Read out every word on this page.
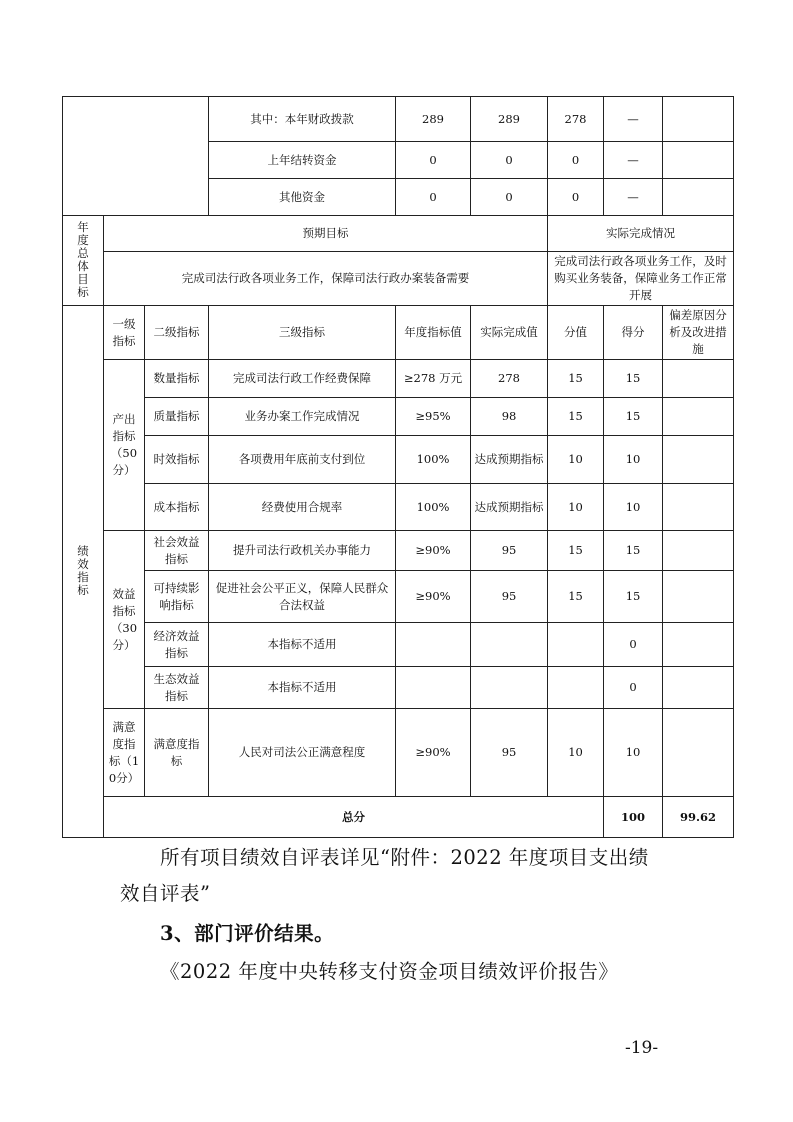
			其中：本年财政拨款	289	289	278	—		
			上年结转资金	0	0	0	—		
			其他资金	0	0	0	—		
年度总体目标	预期目标					实际完成情况			
	完成司法行政各项业务工作，保障司法行政办案装备需要					完成司法行政各项业务工作，及时购买业务装备，保障业务工作正常开展			
绩效指标	一级指标	二级指标	三级指标	年度指标值	实际完成值	分值	得分	偏差原因分析及改进措施	
	产出指标（50分）	数量指标	完成司法行政工作经费保障	≥278 万元	278	15	15		
		质量指标	业务办案工作完成情况	≥95%	98	15	15		
		时效指标	各项费用年底前支付到位	100%	达成预期指标	10	10		
		成本指标	经费使用合规率	100%	达成预期指标	10	10		
	效益指标（30分）	社会效益指标	提升司法行政机关办事能力	≥90%	95	15	15		
		可持续影响指标	促进社会公平正义，保障人民群众合法权益	≥90%	95	15	15		
		经济效益指标	本指标不适用				0		
		生态效益指标	本指标不适用				0		
	满意度指标（10分）	满意度指标	人民对司法公正满意程度	≥90%	95	10	10		
	总分						100	99.62	
所有项目绩效自评表详见“附件：2022 年度项目支出绩
效自评表”
3、部门评价结果。
《2022 年度中央转移支付资金项目绩效评价报告》
-19-
